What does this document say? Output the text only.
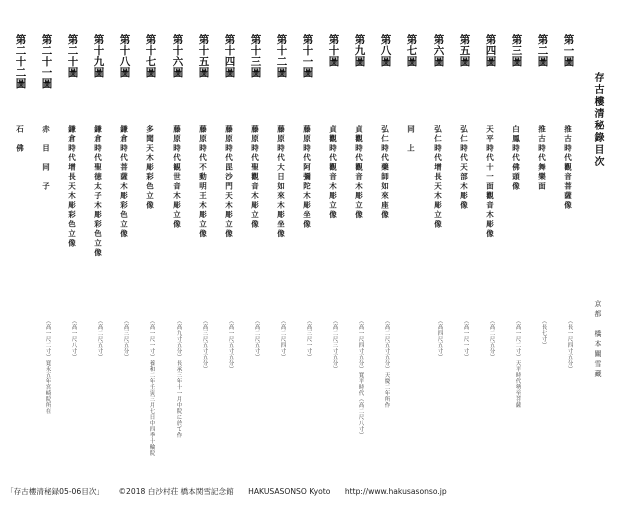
存古樓清秘錄目次
京都　橋本關雪藏
第一圖
推古時代觀音菩薩像
（長一尺四寸五分）
第二圖
推古時代舞樂面
（長七寸）
第三圖
白鳳時代佛頭像
（高一尺二寸）天平時代勢至菩薩
第四圖
天平時代十一面觀音木彫像
（高二尺五分）
第五圖
弘仁時代天部木彫像
（高一尺一寸）
第六圖
弘仁時代增長天木彫立像
（高四尺五寸）
第七圖
同　上
第八圖
弘仁時代藥師如來座像
（高二尺五寸五分）天慶二年所作
第九圖
貞觀時代觀音木彫立像
（高一尺四寸五分）寬平時代（高二尺八寸）
第十圖
貞觀時代觀音木彫立像
（高二尺三寸五分）
第十一圖
藤原時代阿彌陀木彫坐像
（高三尺一寸）
第十二圖
藤原時代大日如來木彫坐像
（高二尺四寸）
第十三圖
藤原時代聖觀音木彫立像
（高二尺五寸）
第十四圖
藤原時代毘沙門天木彫立像
（高一尺五寸五分）
第十五圖
藤原時代不動明王木彫立像
（高三尺五寸五分）
第十六圖
藤原時代観世音木彫立像
（高九寸五分）長承三年十一月中院に於て作
第十七圖
多聞天木彫彩色立像
（高一尺一寸）養和二年壬寅三月七日中四季十輪院
第十八圖
鎌倉時代菩薩木彫彩色立像
（高三尺五分）
第十九圖
鎌倉時代聖徳太子木彫彩色立像
（高二尺五寸）
第二十圖
鎌倉時代增長天木彫彩色立像
（高一尺八寸）
第二十一圖
赤　目　同　子
（高一尺二寸）寛永五年宮崎院所在
第二十二圖
石　佛
「存古樓清秘録05-06目次」 ©2018 白沙村荘 橋本関雪記念館 HAKUSASONSO Kyoto http://www.hakusasonso.jp
